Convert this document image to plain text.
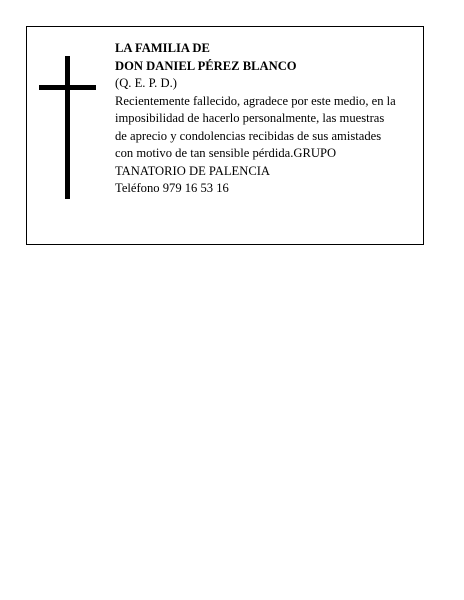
LA FAMILIA DE
DON DANIEL PÉREZ BLANCO
(Q. E. P. D.)
Recientemente fallecido, agradece por este medio, en la
imposibilidad de hacerlo personalmente, las muestras
de aprecio y condolencias recibidas de sus amistades
con motivo de tan sensible pérdida.GRUPO
TANATORIO DE PALENCIA
Teléfono 979 16 53 16
